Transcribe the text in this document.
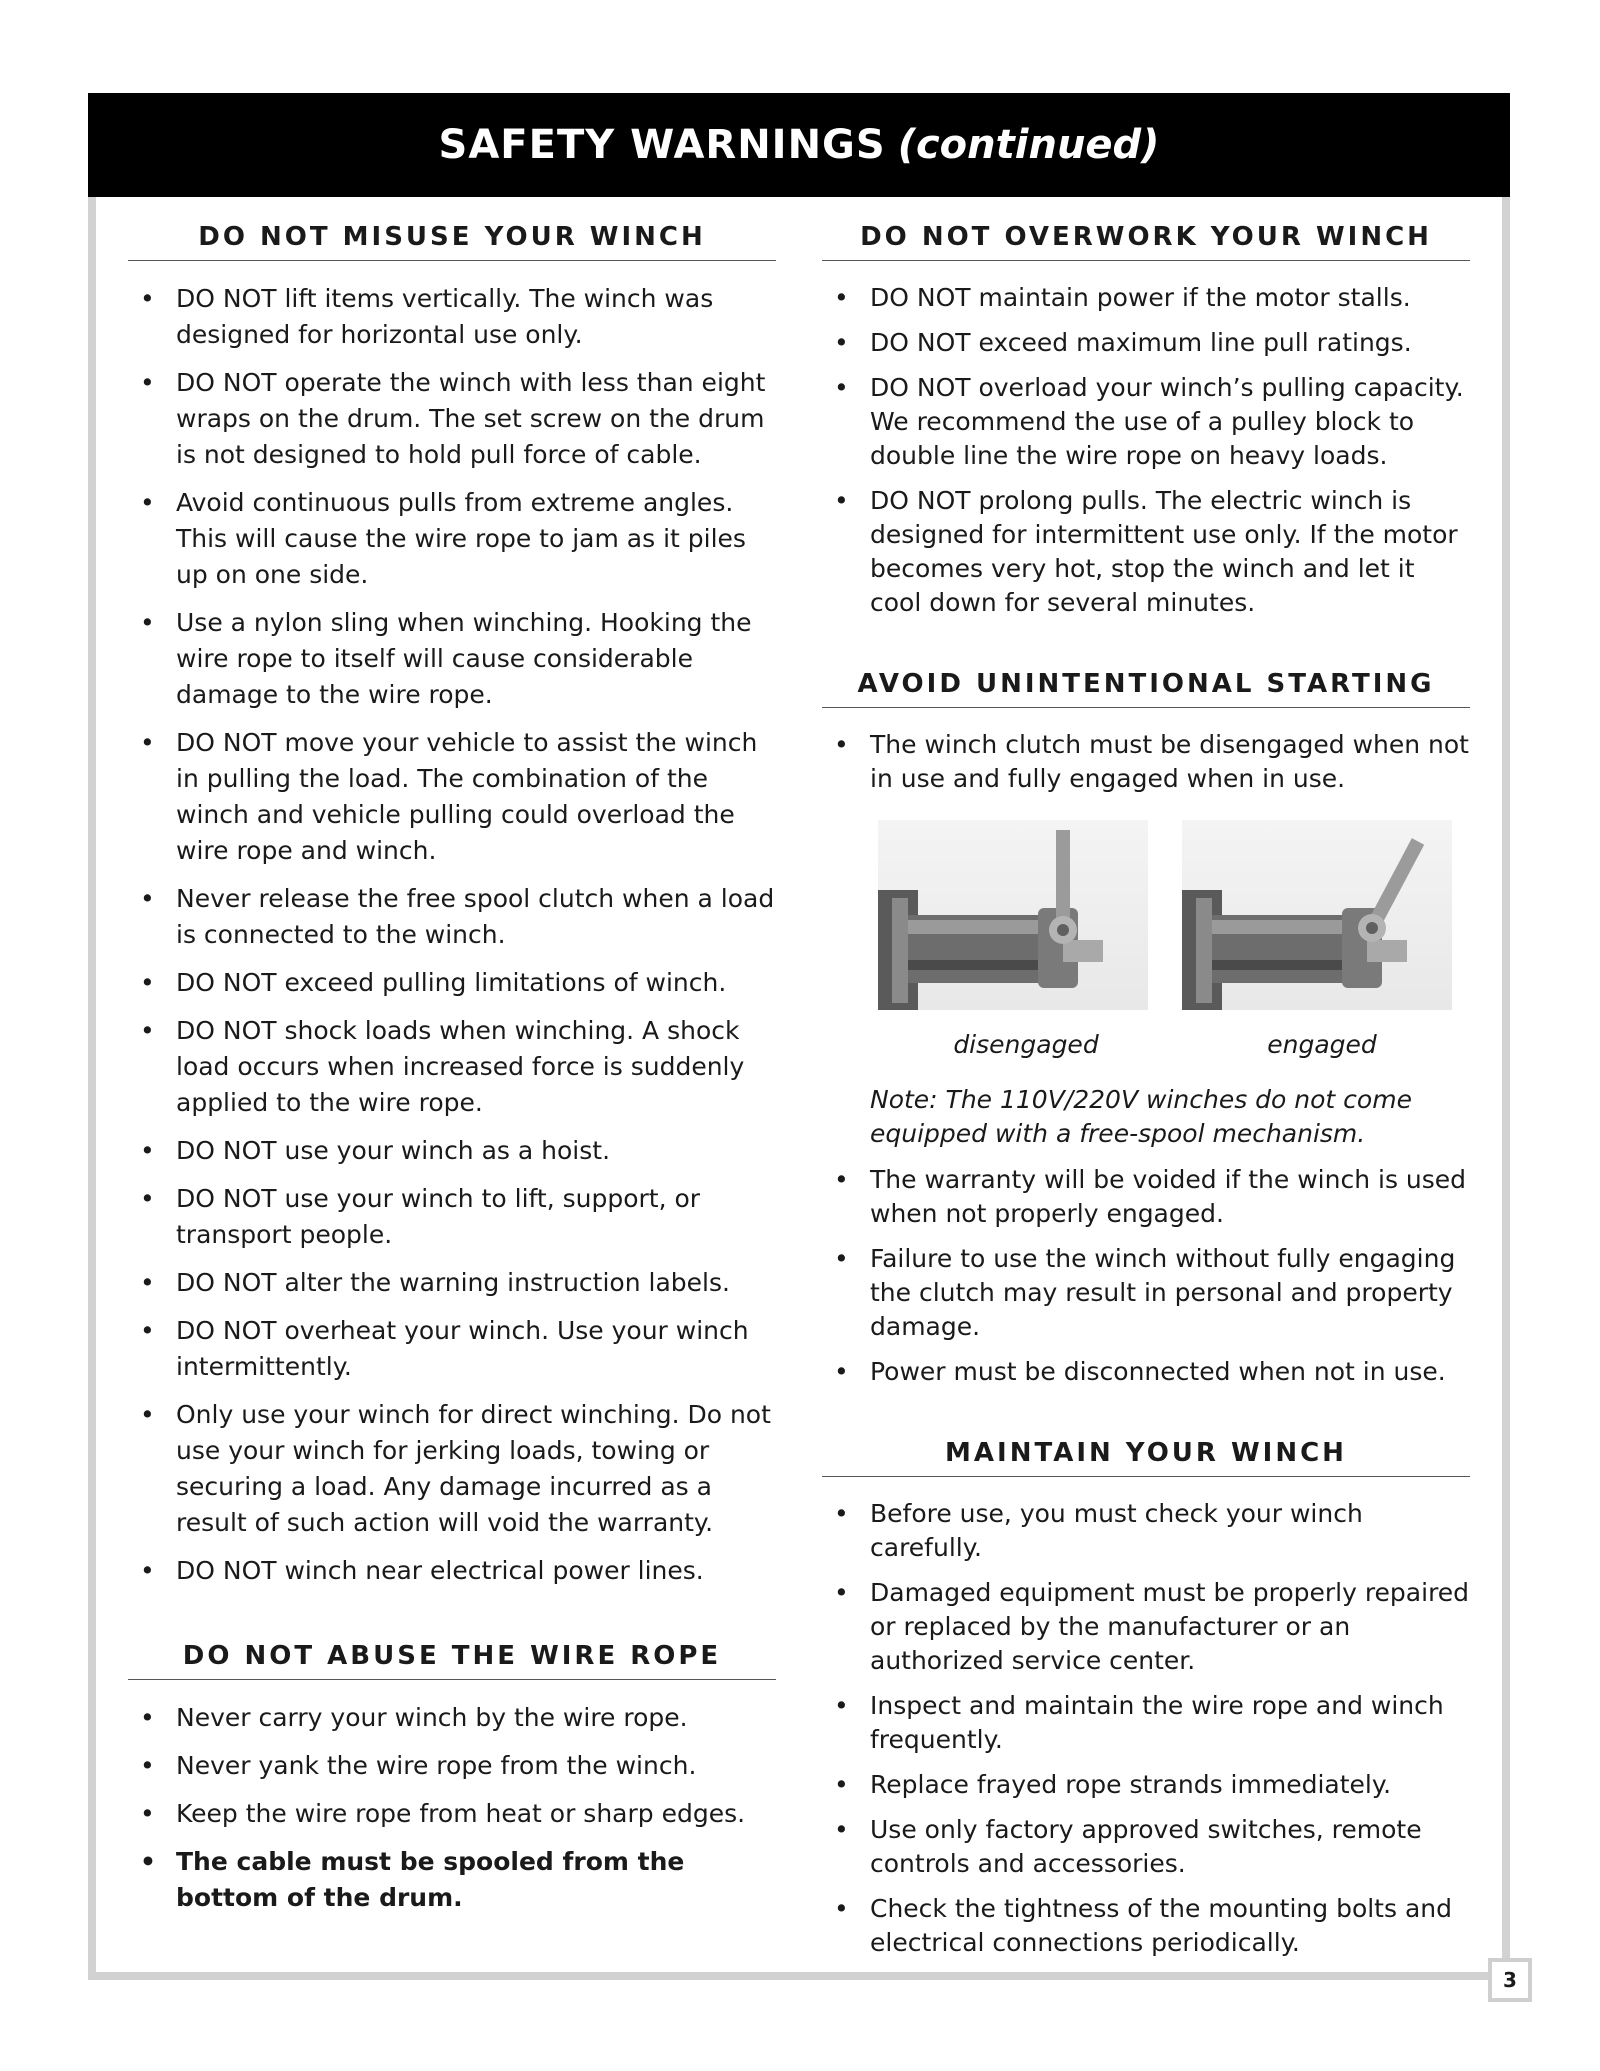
SAFETY WARNINGS (continued)
DO NOT MISUSE YOUR WINCH
• DO NOT lift items vertically. The winch was designed for horizontal use only.
• DO NOT operate the winch with less than eight wraps on the drum. The set screw on the drum is not designed to hold pull force of cable.
• Avoid continuous pulls from extreme angles. This will cause the wire rope to jam as it piles up on one side.
• Use a nylon sling when winching. Hooking the wire rope to itself will cause considerable damage to the wire rope.
• DO NOT move your vehicle to assist the winch in pulling the load. The combination of the winch and vehicle pulling could overload the wire rope and winch.
• Never release the free spool clutch when a load is connected to the winch.
• DO NOT exceed pulling limitations of winch.
• DO NOT shock loads when winching. A shock load occurs when increased force is suddenly applied to the wire rope.
• DO NOT use your winch as a hoist.
• DO NOT use your winch to lift, support, or transport people.
• DO NOT alter the warning instruction labels.
• DO NOT overheat your winch. Use your winch intermittently.
• Only use your winch for direct winching. Do not use your winch for jerking loads, towing or securing a load. Any damage incurred as a result of such action will void the warranty.
• DO NOT winch near electrical power lines.
DO NOT ABUSE THE WIRE ROPE
• Never carry your winch by the wire rope.
• Never yank the wire rope from the winch.
• Keep the wire rope from heat or sharp edges.
• The cable must be spooled from the bottom of the drum.
DO NOT OVERWORK YOUR WINCH
• DO NOT maintain power if the motor stalls.
• DO NOT exceed maximum line pull ratings.
• DO NOT overload your winch’s pulling capacity. We recommend the use of a pulley block to double line the wire rope on heavy loads.
• DO NOT prolong pulls. The electric winch is designed for intermittent use only. If the motor becomes very hot, stop the winch and let it cool down for several minutes.
AVOID UNINTENTIONAL STARTING
• The winch clutch must be disengaged when not in use and fully engaged when in use.
disengaged	engaged
Note: The 110V/220V winches do not come equipped with a free-spool mechanism.
• The warranty will be voided if the winch is used when not properly engaged.
• Failure to use the winch without fully engaging the clutch may result in personal and property damage.
• Power must be disconnected when not in use.
MAINTAIN YOUR WINCH
• Before use, you must check your winch carefully.
• Damaged equipment must be properly repaired or replaced by the manufacturer or an authorized service center.
• Inspect and maintain the wire rope and winch frequently.
• Replace frayed rope strands immediately.
• Use only factory approved switches, remote controls and accessories.
• Check the tightness of the mounting bolts and electrical connections periodically.
3
